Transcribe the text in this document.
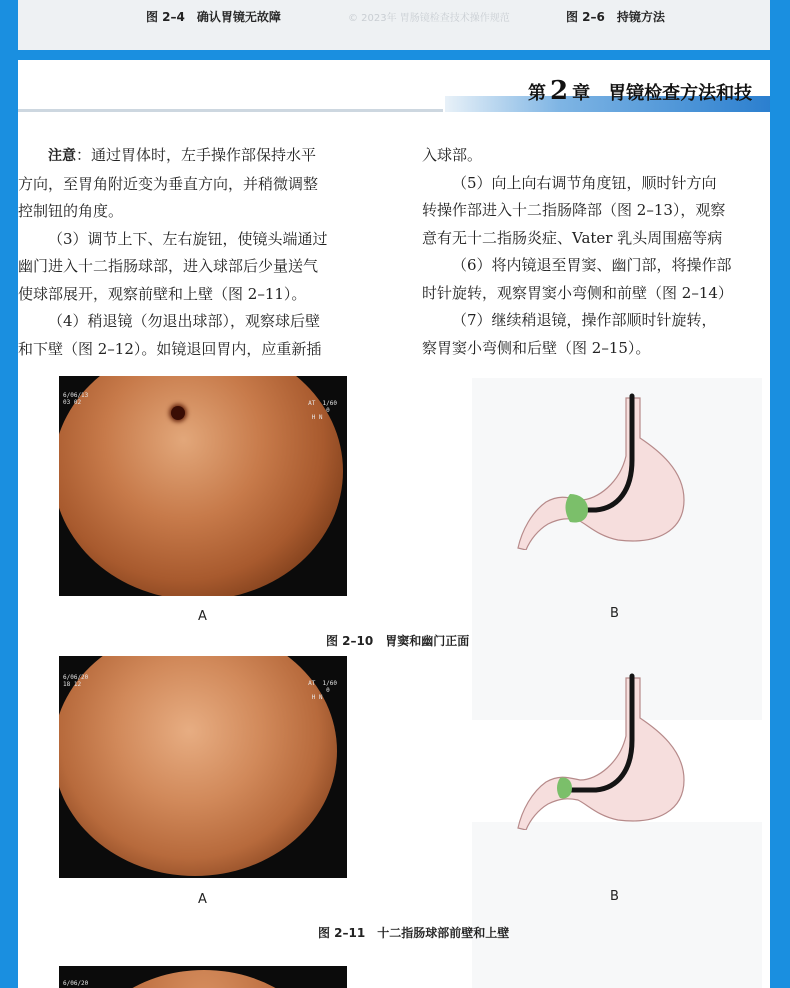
图 2–4　确认胃镜无故障	© 2023年 胃肠镜检查技术操作规范	图 2–6　持镜方法
第 2 章　胃镜检查方法和技

注意：通过胃体时，左手操作部保持水平

方向，至胃角附近变为垂直方向，并稍微调整

控制钮的角度。

（3）调节上下、左右旋钮，使镜头端通过

幽门进入十二指肠球部，进入球部后少量送气

使球部展开，观察前壁和上壁（图 2–11）。

（4）稍退镜（勿退出球部），观察球后壁

和下壁（图 2–12）。如镜退回胃内，应重新插

入球部。

（5）向上向右调节角度钮，顺时针方向

转操作部进入十二指肠降部（图 2–13），观察

意有无十二指肠炎症、Vater 乳头周围癌等病

（6）将内镜退至胃窦、幽门部，将操作部

时针旋转，观察胃窦小弯侧和前壁（图 2–14）

（7）继续稍退镜，操作部顺时针旋转，

察胃窦小弯侧和后壁（图 2–15）。

6/06/13
03 02	AT  1/60
0
H N
A	B
图 2–10 胃窦和幽门正面
6/06/20
18 12	AT  1/60
0
H N
A	B
图 2–11 十二指肠球部前壁和上壁
6/06/20
